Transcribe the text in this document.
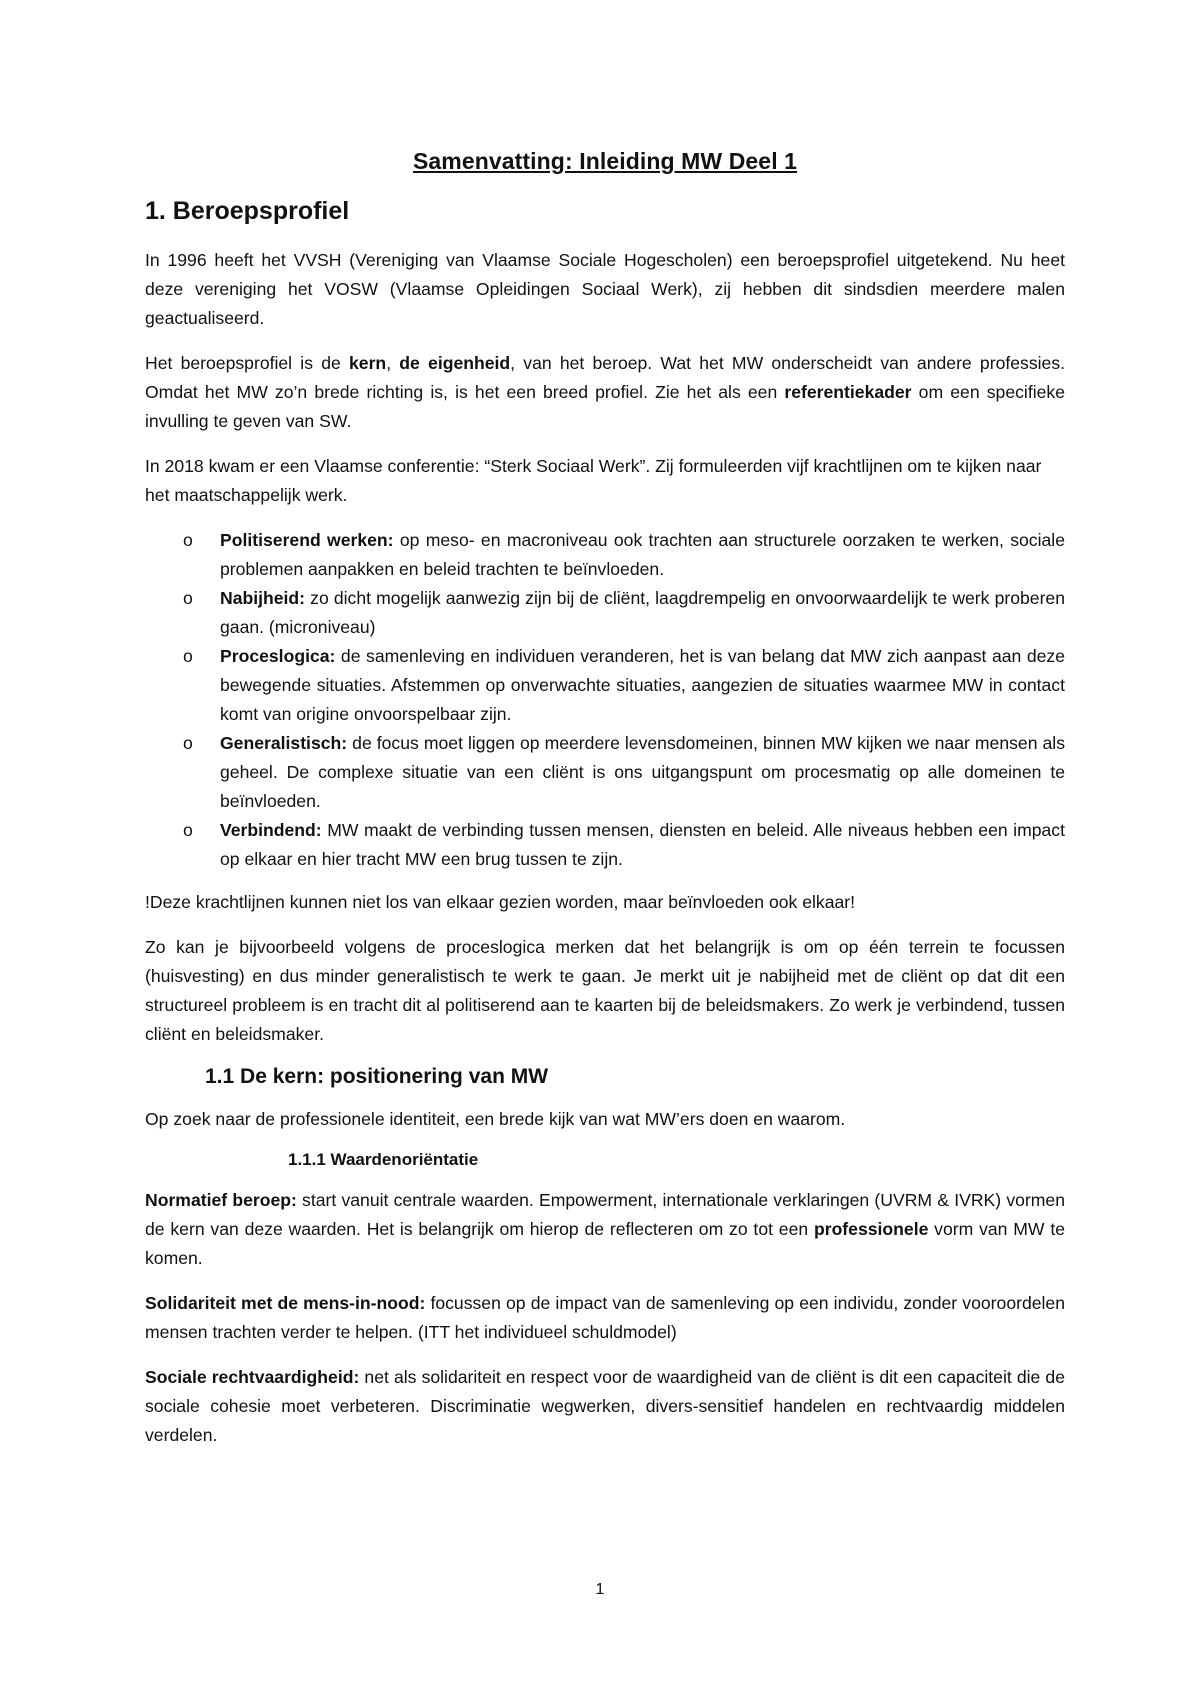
Samenvatting: Inleiding MW Deel 1
1. Beroepsprofiel

In 1996 heeft het VVSH (Vereniging van Vlaamse Sociale Hogescholen) een beroepsprofiel uitgetekend. Nu heet deze vereniging het VOSW (Vlaamse Opleidingen Sociaal Werk), zij hebben dit sindsdien meerdere malen geactualiseerd.

Het beroepsprofiel is de kern, de eigenheid, van het beroep. Wat het MW onderscheidt van andere professies. Omdat het MW zo’n brede richting is, is het een breed profiel. Zie het als een referentiekader om een specifieke invulling te geven van SW.

In 2018 kwam er een Vlaamse conferentie: “Sterk Sociaal Werk”. Zij formuleerden vijf krachtlijnen om te kijken naar het maatschappelijk werk.

o Politiserend werken: op meso- en macroniveau ook trachten aan structurele oorzaken te werken, sociale problemen aanpakken en beleid trachten te beïnvloeden.
o Nabijheid: zo dicht mogelijk aanwezig zijn bij de cliënt, laagdrempelig en onvoorwaardelijk te werk proberen gaan. (microniveau)
o Proceslogica: de samenleving en individuen veranderen, het is van belang dat MW zich aanpast aan deze bewegende situaties. Afstemmen op onverwachte situaties, aangezien de situaties waarmee MW in contact komt van origine onvoorspelbaar zijn.
o Generalistisch: de focus moet liggen op meerdere levensdomeinen, binnen MW kijken we naar mensen als geheel. De complexe situatie van een cliënt is ons uitgangspunt om procesmatig op alle domeinen te beïnvloeden.
o Verbindend: MW maakt de verbinding tussen mensen, diensten en beleid. Alle niveaus hebben een impact op elkaar en hier tracht MW een brug tussen te zijn.

!Deze krachtlijnen kunnen niet los van elkaar gezien worden, maar beïnvloeden ook elkaar!

Zo kan je bijvoorbeeld volgens de proceslogica merken dat het belangrijk is om op één terrein te focussen (huisvesting) en dus minder generalistisch te werk te gaan. Je merkt uit je nabijheid met de cliënt op dat dit een structureel probleem is en tracht dit al politiserend aan te kaarten bij de beleidsmakers. Zo werk je verbindend, tussen cliënt en beleidsmaker.

1.1 De kern: positionering van MW

Op zoek naar de professionele identiteit, een brede kijk van wat MW’ers doen en waarom.

1.1.1 Waardenoriëntatie

Normatief beroep: start vanuit centrale waarden. Empowerment, internationale verklaringen (UVRM & IVRK) vormen de kern van deze waarden. Het is belangrijk om hierop de reflecteren om zo tot een professionele vorm van MW te komen.

Solidariteit met de mens-in-nood: focussen op de impact van de samenleving op een individu, zonder vooroordelen mensen trachten verder te helpen. (ITT het individueel schuldmodel)

Sociale rechtvaardigheid: net als solidariteit en respect voor de waardigheid van de cliënt is dit een capaciteit die de sociale cohesie moet verbeteren. Discriminatie wegwerken, divers-sensitief handelen en rechtvaardig middelen verdelen.

1
